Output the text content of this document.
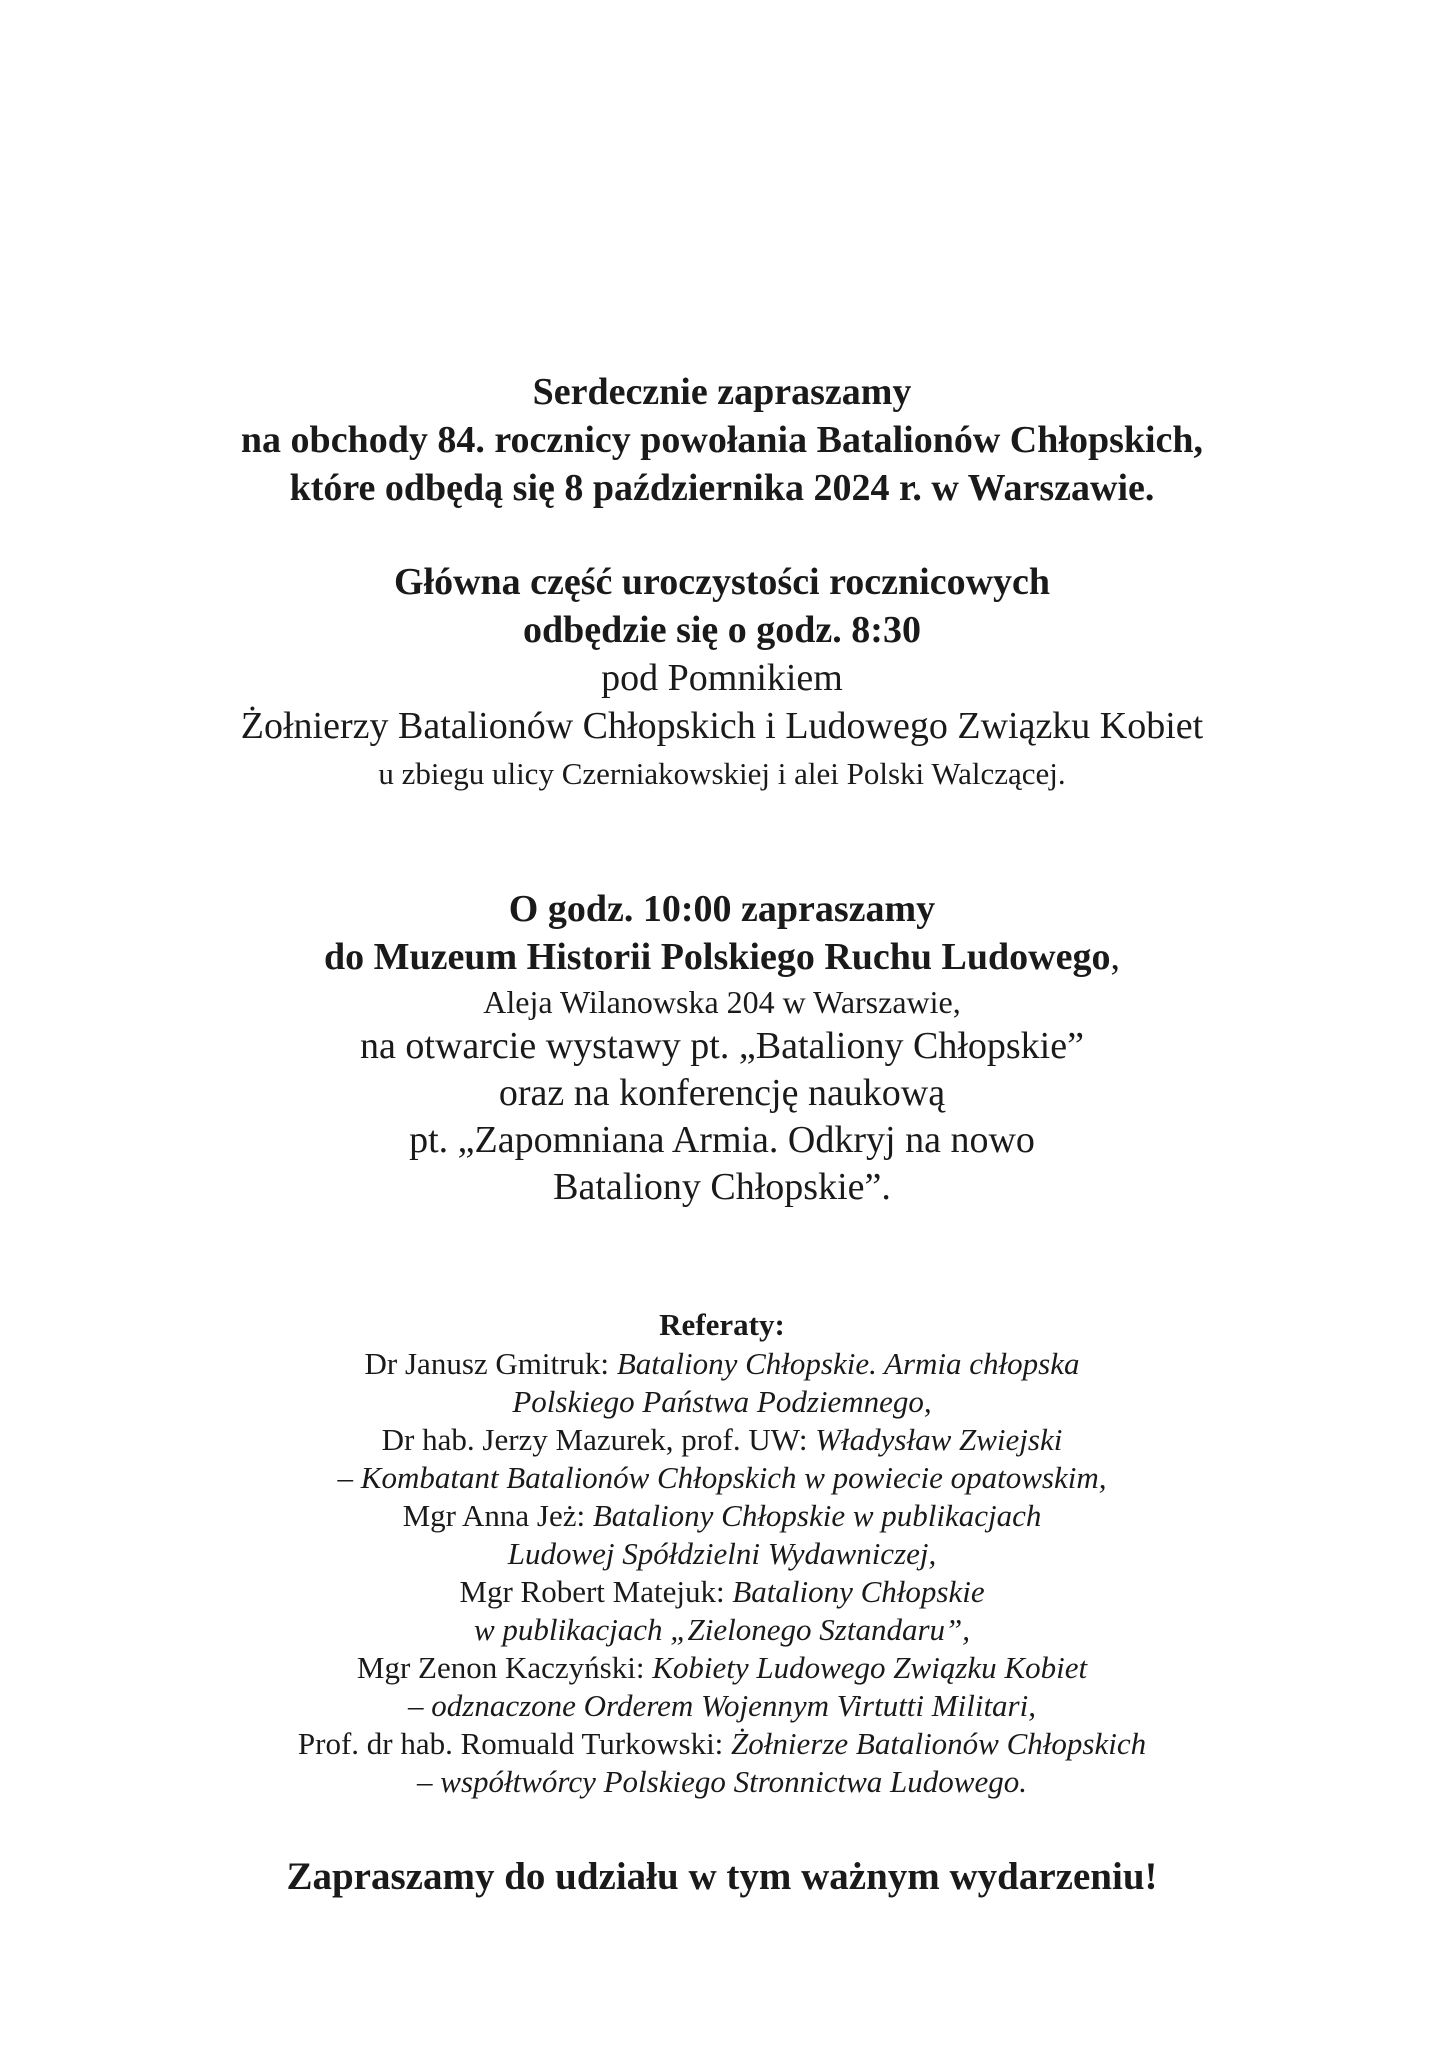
Serdecznie zapraszamy
na obchody 84. rocznicy powołania Batalionów Chłopskich,
które odbędą się 8 października 2024 r. w Warszawie.
Główna część uroczystości rocznicowych
odbędzie się o godz. 8:30
pod Pomnikiem
Żołnierzy Batalionów Chłopskich i Ludowego Związku Kobiet
u zbiegu ulicy Czerniakowskiej i alei Polski Walczącej.
O godz. 10:00 zapraszamy
do Muzeum Historii Polskiego Ruchu Ludowego,
Aleja Wilanowska 204 w Warszawie,
na otwarcie wystawy pt. „Bataliony Chłopskie”
oraz na konferencję naukową
pt. „Zapomniana Armia. Odkryj na nowo
Bataliony Chłopskie”.
Referaty:
Dr Janusz Gmitruk: Bataliony Chłopskie. Armia chłopska
Polskiego Państwa Podziemnego,
Dr hab. Jerzy Mazurek, prof. UW: Władysław Zwiejski
– Kombatant Batalionów Chłopskich w powiecie opatowskim,
Mgr Anna Jeż: Bataliony Chłopskie w publikacjach
Ludowej Spółdzielni Wydawniczej,
Mgr Robert Matejuk: Bataliony Chłopskie
w publikacjach „Zielonego Sztandaru”,
Mgr Zenon Kaczyński: Kobiety Ludowego Związku Kobiet
– odznaczone Orderem Wojennym Virtutti Militari,
Prof. dr hab. Romuald Turkowski: Żołnierze Batalionów Chłopskich
– współtwórcy Polskiego Stronnictwa Ludowego.
Zapraszamy do udziału w tym ważnym wydarzeniu!
